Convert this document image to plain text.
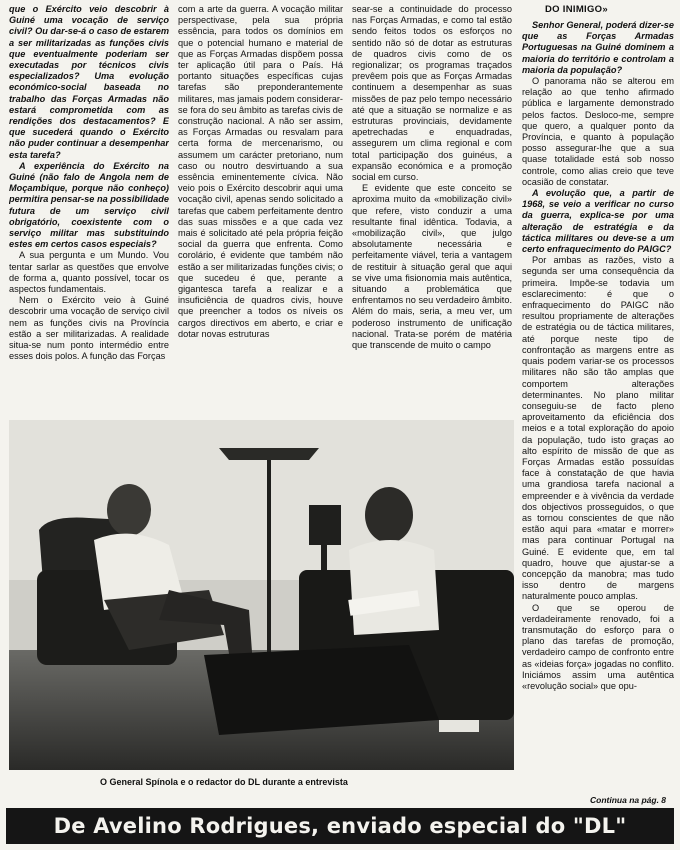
que o Exército veio descobrir à Guiné uma vocação de serviço civil? Ou dar-se-á o caso de estarem a ser militarizadas as funções civis que eventualmente poderiam ser executadas por técnicos civis especializados? Uma evolução económico-social baseada no trabalho das Forças Armadas não estará comprometida com as rendições dos destacamentos? E que sucederá quando o Exército não puder continuar a desempenhar esta tarefa?

A experiência do Exército na Guiné (não falo de Angola nem de Moçambique, porque não conheço) permitira pensar-se na possibilidade futura de um serviço civil obrigatório, coexistente com o serviço militar mas substituindo estes em certos casos especiais?

A sua pergunta e um Mundo. Vou tentar sarlar as questões que envolve de forma a, quanto possível, tocar os aspectos fundamentais.

Nem o Exército veio à Guiné descobrir uma vocação de serviço civil nem as funções civis na Província estão a ser militarizadas. A realidade situa-se num ponto intermédio entre esses dois polos. A função das Forças

com a arte da guerra. A vocação militar perspectivase, pela sua própria essência, para todos os domínios em que o potencial humano e material de que as Forças Armadas dispõem possa ter aplicação útil para o País. Há portanto situações específicas cujas tarefas são preponderantemente militares, mas jamais podem considerar-se fora do seu âmbito as tarefas civis de construção nacional. A não ser assim, as Forças Armadas ou resvalam para certa forma de mercenarismo, ou assumem um carácter pretoriano, num caso ou noutro desvirtuando a sua essência eminentemente cívica. Não veio pois o Exército descobrir aqui uma vocação civil, apenas sendo solicitado a tarefas que cabem perfeitamente dentro das suas missões e a que cada vez mais é solicitado até pela própria feição social da guerra que enfrenta. Como corolário, é evidente que também não estão a ser militarizadas funções civis; o que sucedeu é que, perante a gigantesca tarefa a realizar e a insuficiência de quadros civis, houve que preencher a todos os níveis os cargos directivos em aberto, e criar e dotar novas estruturas

sear-se a continuidade do processo nas Forças Armadas, e como tal estão sendo feitos todos os esforços no sentido não só de dotar as estruturas de quadros civis como de os regionalizar; os programas traçados prevêem pois que as Forças Armadas continuem a desempenhar as suas missões de paz pelo tempo necessário até que a situação se normalize e as estruturas provinciais, devidamente apetrechadas e enquadradas, assegurem um clima regional e com total participação dos guinéus, a expansão económica e a promoção social em curso.

E evidente que este conceito se aproxima muito da «mobilização civil» que refere, visto conduzir a uma resultante final idêntica. Todavia, a «mobilização civil», que julgo absolutamente necessária e perfeitamente viável, teria a vantagem de restituir à situação geral que aqui se vive uma fisionomia mais autêntica, situando a problemática que enfrentamos no seu verdadeiro âmbito. Além do mais, seria, a meu ver, um poderoso instrumento de unificação nacional. Trata-se porém de matéria que transcende de muito o campo

DO INIMIGO»

Senhor General, poderá dizer-se que as Forças Armadas Portuguesas na Guiné dominem a maioria do território e controlam a maioria da população?

O panorama não se alterou em relação ao que tenho afirmado pública e largamente demonstrado pelos factos. Desloco-me, sempre que quero, a qualquer ponto da Província, e quanto à população posso assegurar-lhe que a sua quase totalidade está sob nosso controle, como alias creio que teve ocasião de constatar.

A evolução que, a partir de 1968, se veio a verificar no curso da guerra, explica-se por uma alteração de estratégia e da táctica militares ou deve-se a um certo enfraquecimento do PAIGC?

Por ambas as razões, visto a segunda ser uma consequência da primeira. Impõe-se todavia um esclarecimento: é que o enfraquecimento do PAIGC não resultou propriamente de alterações de estratégia ou de táctica militares, até porque neste tipo de confrontação as margens entre as quais podem variar-se os processos militares não são tão amplas que comportem alterações determinantes. No plano militar conseguiu-se de facto pleno aproveitamento da eficiência dos meios e a total exploração do apoio da população, tudo isto graças ao alto espírito de missão de que as Forças Armadas estão possuídas face à constatação de que havia uma grandiosa tarefa nacional a empreender e à vivência da verdade dos objectivos prosseguidos, o que as tornou conscientes de que não estão aqui para «matar e morrer» mas para continuar Portugal na Guiné. E evidente que, em tal quadro, houve que ajustar-se a concepção da manobra; mas tudo isso dentro de margens naturalmente pouco amplas.

O que se operou de verdadeiramente renovado, foi a transmutação do esforço para o plano das tarefas de promoção, verdadeiro campo de confronto entre as «ideias força» jogadas no conflito. Iniciámos assim uma autêntica «revolução social» que opu-

O General Spínola e o redactor do DL durante a entrevista
Continua na pág. 8
De Avelino Rodrigues, enviado especial do "DL"
